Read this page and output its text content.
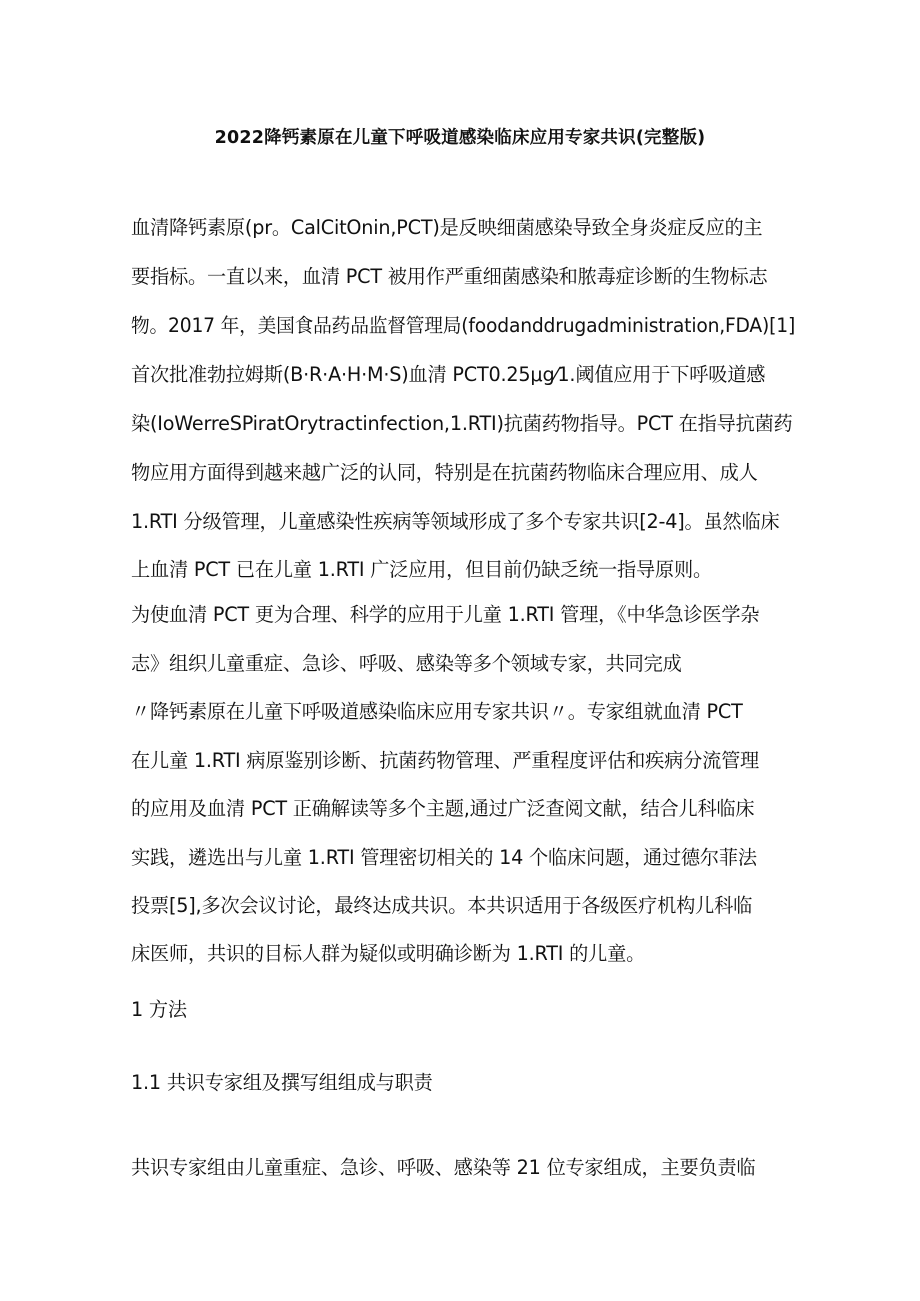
2022降钙素原在儿童下呼吸道感染临床应用专家共识(完整版)
血清降钙素原(pr。CalCitOnin,PCT)是反映细菌感染导致全身炎症反应的主
要指标。一直以来，血清 PCT 被用作严重细菌感染和脓毒症诊断的生物标志
物。2017 年，美国食品药品监督管理局(foodanddrugadministration,FDA)[1]
首次批准勃拉姆斯(B·R·A·H·M·S)血清 PCT0.25μg⁄1.阈值应用于下呼吸道感
染(IoWerreSPiratOrytractinfection,1.RTI)抗菌药物指导。PCT 在指导抗菌药
物应用方面得到越来越广泛的认同，特别是在抗菌药物临床合理应用、成人
1.RTI 分级管理，儿童感染性疾病等领域形成了多个专家共识[2-4]。虽然临床
上血清 PCT 已在儿童 1.RTI 广泛应用，但目前仍缺乏统一指导原则。
为使血清 PCT 更为合理、科学的应用于儿童 1.RTI 管理，《中华急诊医学杂
志》组织儿童重症、急诊、呼吸、感染等多个领域专家，共同完成
〃降钙素原在儿童下呼吸道感染临床应用专家共识〃。专家组就血清 PCT
在儿童 1.RTI 病原鉴别诊断、抗菌药物管理、严重程度评估和疾病分流管理
的应用及血清 PCT 正确解读等多个主题,通过广泛查阅文献，结合儿科临床
实践，遴选出与儿童 1.RTI 管理密切相关的 14 个临床问题，通过德尔菲法
投票[5],多次会议讨论，最终达成共识。本共识适用于各级医疗机构儿科临
床医师，共识的目标人群为疑似或明确诊断为 1.RTI 的儿童。
1 方法
1.1 共识专家组及撰写组组成与职责
共识专家组由儿童重症、急诊、呼吸、感染等 21 位专家组成，主要负责临
